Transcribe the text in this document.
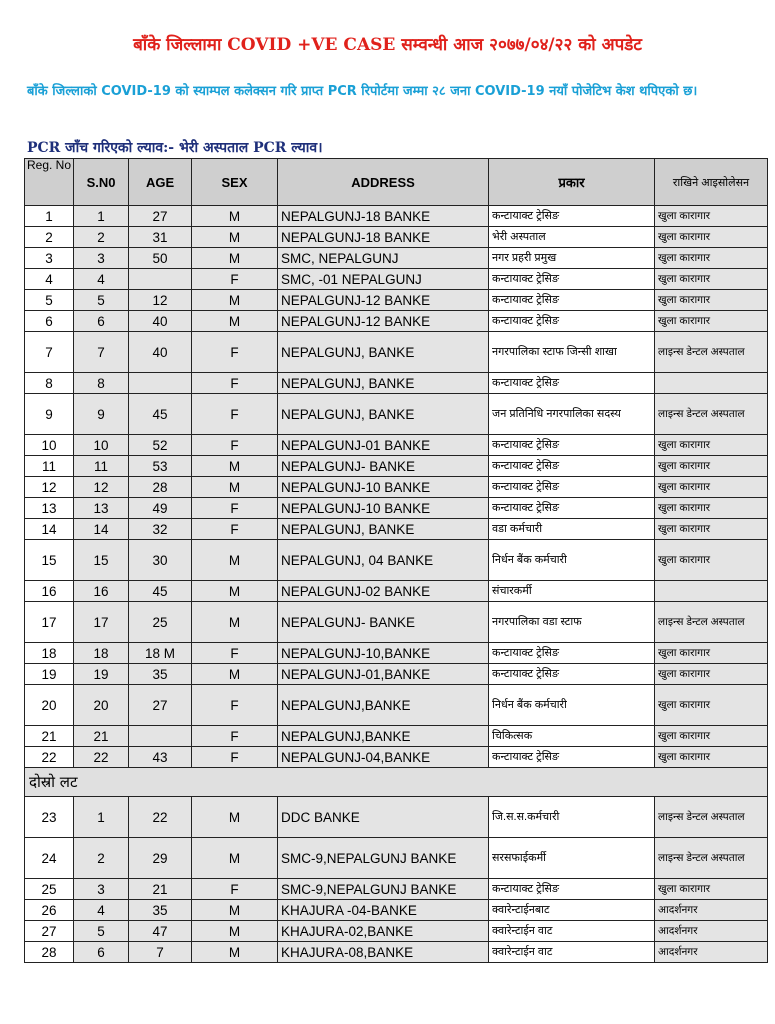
बाँके जिल्लामा COVID +VE CASE सम्वन्धी आज २०७७/०४/२२ को अपडेट
बाँके जिल्लाको COVID-19 को स्याम्पल कलेक्सन गरि प्राप्त PCR रिपोर्टमा जम्मा २८ जना COVID-19 नयाँ पोजेटिभ केश थपिएको छ।
PCR जाँच गरिएको ल्याव:- भेरी अस्पताल PCR ल्याव।
Reg. No	S.N0	AGE	SEX	ADDRESS	प्रकार	राखिने आइसोलेसन
1	1	27	M	NEPALGUNJ-18 BANKE	कन्टायाक्ट ट्रेसिङ	खुला कारागार
2	2	31	M	NEPALGUNJ-18 BANKE	भेरी अस्पताल	खुला कारागार
3	3	50	M	SMC, NEPALGUNJ	नगर प्रहरी प्रमुख	खुला कारागार
4	4		F	SMC, -01 NEPALGUNJ	कन्टायाक्ट ट्रेसिङ	खुला कारागार
5	5	12	M	NEPALGUNJ-12 BANKE	कन्टायाक्ट ट्रेसिङ	खुला कारागार
6	6	40	M	NEPALGUNJ-12 BANKE	कन्टायाक्ट ट्रेसिङ	खुला कारागार
7	7	40	F	NEPALGUNJ, BANKE	नगरपालिका स्टाफ जिन्सी शाखा	लाइन्स डेन्टल अस्पताल
8	8		F	NEPALGUNJ, BANKE	कन्टायाक्ट ट्रेसिङ	
9	9	45	F	NEPALGUNJ, BANKE	जन प्रतिनिधि नगरपालिका सदस्य	लाइन्स डेन्टल अस्पताल
10	10	52	F	NEPALGUNJ-01 BANKE	कन्टायाक्ट ट्रेसिङ	खुला कारागार
11	11	53	M	NEPALGUNJ- BANKE	कन्टायाक्ट ट्रेसिङ	खुला कारागार
12	12	28	M	NEPALGUNJ-10 BANKE	कन्टायाक्ट ट्रेसिङ	खुला कारागार
13	13	49	F	NEPALGUNJ-10 BANKE	कन्टायाक्ट ट्रेसिङ	खुला कारागार
14	14	32	F	NEPALGUNJ, BANKE	वडा कर्मचारी	खुला कारागार
15	15	30	M	NEPALGUNJ, 04 BANKE	निर्धन बैंक कर्मचारी	खुला कारागार
16	16	45	M	NEPALGUNJ-02 BANKE	संचारकर्मी	
17	17	25	M	NEPALGUNJ- BANKE	नगरपालिका वडा स्टाफ	लाइन्स डेन्टल अस्पताल
18	18	18 M	F	NEPALGUNJ-10,BANKE	कन्टायाक्ट ट्रेसिङ	खुला कारागार
19	19	35	M	NEPALGUNJ-01,BANKE	कन्टायाक्ट ट्रेसिङ	खुला कारागार
20	20	27	F	NEPALGUNJ,BANKE	निर्धन बैंक कर्मचारी	खुला कारागार
21	21		F	NEPALGUNJ,BANKE	चिकित्सक	खुला कारागार
22	22	43	F	NEPALGUNJ-04,BANKE	कन्टायाक्ट ट्रेसिङ	खुला कारागार
दोस्रो लट						
23	1	22	M	DDC BANKE	जि.स.स.कर्मचारी	लाइन्स डेन्टल अस्पताल
24	2	29	M	SMC-9,NEPALGUNJ BANKE	सरसफाईकर्मी	लाइन्स डेन्टल अस्पताल
25	3	21	F	SMC-9,NEPALGUNJ BANKE	कन्टायाक्ट ट्रेसिङ	खुला कारागार
26	4	35	M	KHAJURA -04-BANKE	क्वारेन्टाईनबाट	आदर्शनगर
27	5	47	M	KHAJURA-02,BANKE	क्वारेन्टाईन वाट	आदर्शनगर
28	6	7	M	KHAJURA-08,BANKE	क्वारेन्टाईन वाट	आदर्शनगर
